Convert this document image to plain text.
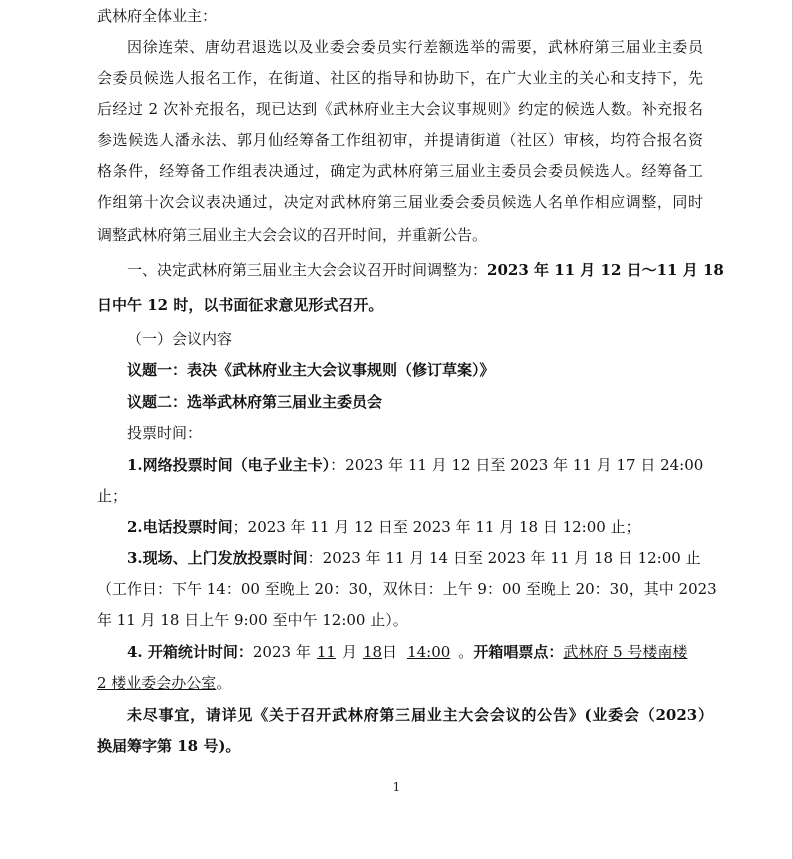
武林府全体业主：
因徐连荣、唐幼君退选以及业委会委员实行差额选举的需要，武林府第三届业主委员
会委员候选人报名工作，在街道、社区的指导和协助下，在广大业主的关心和支持下，先
后经过 2 次补充报名，现已达到《武林府业主大会议事规则》约定的候选人数。补充报名
参选候选人潘永法、郭月仙经筹备工作组初审，并提请街道（社区）审核，均符合报名资
格条件，经筹备工作组表决通过，确定为武林府第三届业主委员会委员候选人。经筹备工
作组第十次会议表决通过，决定对武林府第三届业委会委员候选人名单作相应调整，同时
调整武林府第三届业主大会会议的召开时间，并重新公告。
一、决定武林府第三届业主大会会议召开时间调整为：2023 年 11 月 12 日～11 月 18
日中午 12 时，以书面征求意见形式召开。
（一）会议内容
议题一：表决《武林府业主大会议事规则（修订草案）》
议题二：选举武林府第三届业主委员会
投票时间：
1.网络投票时间（电子业主卡）：2023 年 11 月 12 日至 2023 年 11 月 17 日 24:00
止；
2.电话投票时间；2023 年 11 月 12 日至 2023 年 11 月 18 日 12:00 止；
3.现场、上门发放投票时间：2023 年 11 月 14 日至 2023 年 11 月 18 日 12:00 止
（工作日：下午 14：00 至晚上 20：30，双休日：上午 9：00 至晚上 20：30，其中 2023
年 11 月 18 日上午 9:00 至中午 12:00 止）。
4. 开箱统计时间：2023 年 11 月 18日 14:00 。开箱唱票点：武林府 5 号楼南楼
2 楼业委会办公室。
未尽事宜，请详见《关于召开武林府第三届业主大会会议的公告》(业委会（2023）
换届筹字第 18 号)。
1
